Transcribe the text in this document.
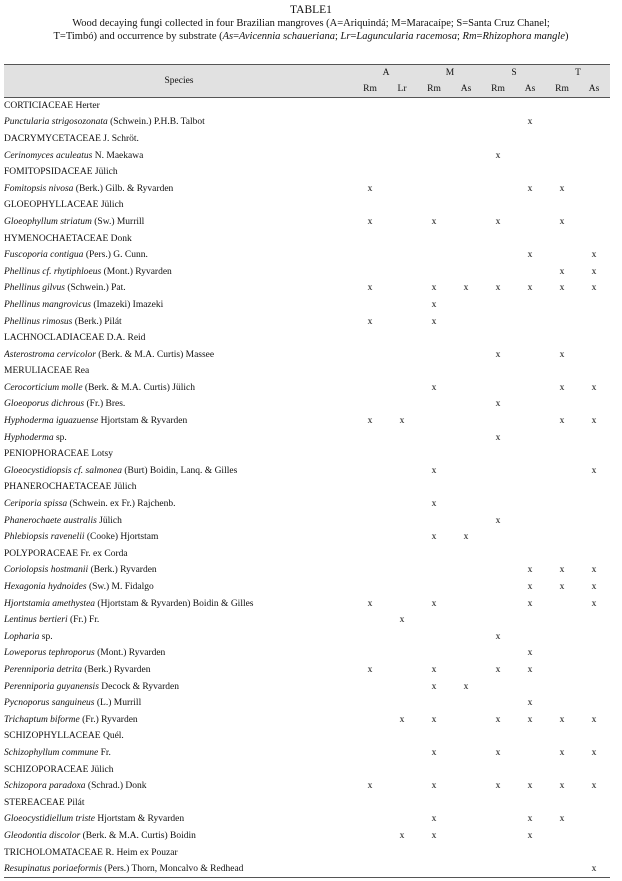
TABLE1
Wood decaying fungi collected in four Brazilian mangroves (A=Ariquindá; M=Maracaípe; S=Santa Cruz Chanel;
T=Timbó) and occurrence by substrate (As=Avicennia schaueriana; Lr=Laguncularia racemosa; Rm=Rhizophora mangle)
Species
A	M	S	T
Rm	Lr	Rm	As	Rm	As	Rm	As
CORTICIACEAE Herter								
Punctularia strigosozonata (Schwein.) P.H.B. Talbot						x		
DACRYMYCETACEAE J. Schröt.								
Cerinomyces aculeatus N. Maekawa					x			
FOMITOPSIDACEAE Jülich								
Fomitopsis nivosa (Berk.) Gilb. & Ryvarden	x					x	x	
GLOEOPHYLLACEAE Jülich								
Gloeophyllum striatum (Sw.) Murrill	x		x		x		x	
HYMENOCHAETACEAE Donk								
Fuscoporia contigua (Pers.) G. Cunn.						x		x
Phellinus cf. rhytiphloeus (Mont.) Ryvarden							x	x
Phellinus gilvus (Schwein.) Pat.	x		x	x	x	x	x	x
Phellinus mangrovicus (Imazeki) Imazeki			x					
Phellinus rimosus (Berk.) Pilát	x		x					
LACHNOCLADIACEAE D.A. Reid								
Asterostroma cervicolor (Berk. & M.A. Curtis) Massee					x		x	
MERULIACEAE Rea								
Cerocorticium molle (Berk. & M.A. Curtis) Jülich			x				x	x
Gloeoporus dichrous (Fr.) Bres.					x			
Hyphoderma iguazuense Hjortstam & Ryvarden	x	x					x	x
Hyphoderma sp.					x			
PENIOPHORACEAE Lotsy								
Gloeocystidiopsis cf. salmonea (Burt) Boidin, Lanq. & Gilles			x					x
PHANEROCHAETACEAE Jülich								
Ceriporia spissa (Schwein. ex Fr.) Rajchenb.			x					
Phanerochaete australis Jülich					x			
Phlebiopsis ravenelii (Cooke) Hjortstam			x	x				
POLYPORACEAE Fr. ex Corda								
Coriolopsis hostmanii (Berk.) Ryvarden						x	x	x
Hexagonia hydnoides (Sw.) M. Fidalgo						x	x	x
Hjortstamia amethystea (Hjortstam & Ryvarden) Boidin & Gilles	x		x			x		x
Lentinus bertieri (Fr.) Fr.		x						
Lopharia sp.					x			
Loweporus tephroporus (Mont.) Ryvarden						x		
Perenniporia detrita (Berk.) Ryvarden	x		x		x	x		
Perenniporia guyanensis Decock & Ryvarden			x	x				
Pycnoporus sanguineus (L.) Murrill						x		
Trichaptum biforme (Fr.) Ryvarden		x	x		x	x	x	x
SCHIZOPHYLLACEAE Quél.								
Schizophyllum commune Fr.			x		x		x	x
SCHIZOPORACEAE Jülich								
Schizopora paradoxa (Schrad.) Donk	x		x		x	x	x	x
STEREACEAE Pilát								
Gloeocystidiellum triste Hjortstam & Ryvarden			x			x	x	
Gleodontia discolor (Berk. & M.A. Curtis) Boidin		x	x			x		
TRICHOLOMATACEAE R. Heim ex Pouzar								
Resupinatus poriaeformis (Pers.) Thorn, Moncalvo & Redhead								x
